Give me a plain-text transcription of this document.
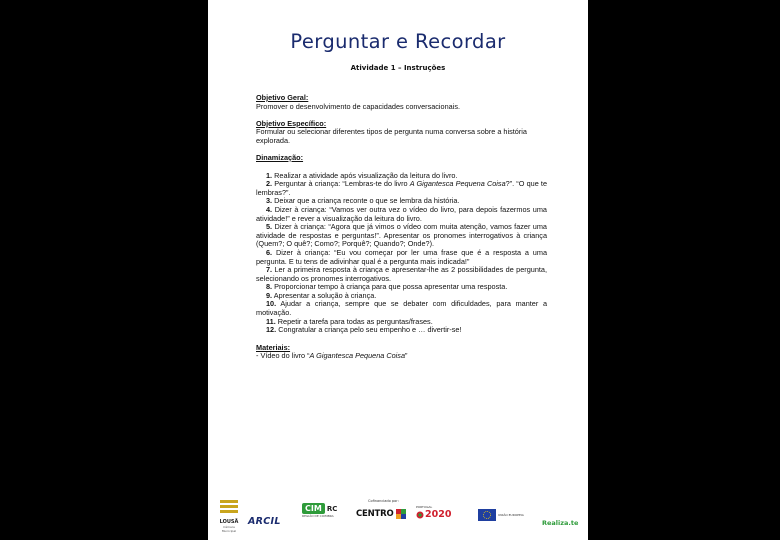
Perguntar e Recordar
Atividade 1 – Instruções
Objetivo Geral:
Promover o desenvolvimento de capacidades conversacionais.
Objetivo Específico:
Formular ou selecionar diferentes tipos de pergunta numa conversa sobre a história explorada.
Dinamização:
1. Realizar a atividade após visualização da leitura do livro.
2. Perguntar à criança: “Lembras-te do livro A Gigantesca Pequena Coisa?”. “O que te lembras?”.
3. Deixar que a criança reconte o que se lembra da história.
4. Dizer à criança: “Vamos ver outra vez o vídeo do livro, para depois fazermos uma atividade!” e rever a visualização da leitura do livro.
5. Dizer à criança: “Agora que já vimos o vídeo com muita atenção, vamos fazer uma atividade de respostas e perguntas!”. Apresentar os pronomes interrogativos à criança (Quem?; O quê?; Como?; Porquê?; Quando?; Onde?).
6. Dizer à criança: “Eu vou começar por ler uma frase que é a resposta a uma pergunta. E tu tens de adivinhar qual é a pergunta mais indicada!”
7. Ler a primeira resposta à criança e apresentar-lhe as 2 possibilidades de pergunta, selecionando os pronomes interrogativos.
8. Proporcionar tempo à criança para que possa apresentar uma resposta.
9. Apresentar a solução à criança.
10. Ajudar a criança, sempre que se debater com dificuldades, para manter a motivação.
11. Repetir a tarefa para todas as perguntas/frases.
12. Congratular a criança pelo seu empenho e … divertir-se!
Materiais:
- Vídeo do livro “A Gigantesca Pequena Coisa”
LOUSÃ
Câmara Municipal
ARCIL
CIM RC
REGIÃO DE COIMBRA
Cofinanciado por:
CENTRO
PORTUGAL
2020	UNIÃO EUROPEIA
Realiza.te
